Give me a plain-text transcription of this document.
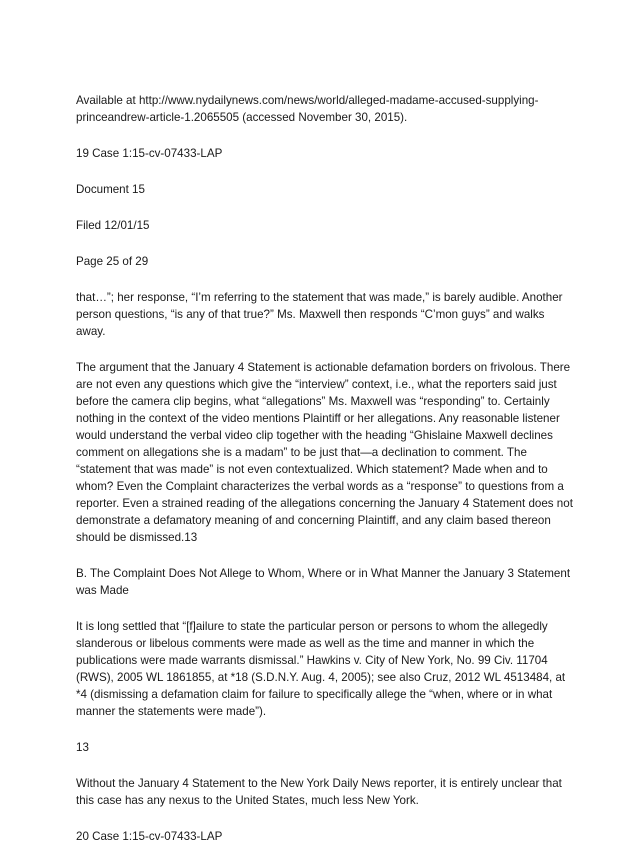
Available at http://www.nydailynews.com/news/world/alleged-madame-accused-supplying-princeandrew-article-1.2065505 (accessed November 30, 2015).

19 Case 1:15-cv-07433-LAP

Document 15

Filed 12/01/15

Page 25 of 29

that…”; her response, “I’m referring to the statement that was made,” is barely audible. Another person questions, “is any of that true?” Ms. Maxwell then responds “C’mon guys” and walks away.

The argument that the January 4 Statement is actionable defamation borders on frivolous. There are not even any questions which give the “interview” context, i.e., what the reporters said just before the camera clip begins, what “allegations” Ms. Maxwell was “responding” to. Certainly nothing in the context of the video mentions Plaintiff or her allegations. Any reasonable listener would understand the verbal video clip together with the heading “Ghislaine Maxwell declines comment on allegations she is a madam” to be just that—a declination to comment. The “statement that was made” is not even contextualized. Which statement? Made when and to whom? Even the Complaint characterizes the verbal words as a “response” to questions from a reporter. Even a strained reading of the allegations concerning the January 4 Statement does not demonstrate a defamatory meaning of and concerning Plaintiff, and any claim based thereon should be dismissed.13

B. The Complaint Does Not Allege to Whom, Where or in What Manner the January 3 Statement was Made

It is long settled that “[f]ailure to state the particular person or persons to whom the allegedly slanderous or libelous comments were made as well as the time and manner in which the publications were made warrants dismissal.” Hawkins v. City of New York, No. 99 Civ. 11704 (RWS), 2005 WL 1861855, at *18 (S.D.N.Y. Aug. 4, 2005); see also Cruz, 2012 WL 4513484, at *4 (dismissing a defamation claim for failure to specifically allege the “when, where or in what manner the statements were made”).

13

Without the January 4 Statement to the New York Daily News reporter, it is entirely unclear that this case has any nexus to the United States, much less New York.

20 Case 1:15-cv-07433-LAP
